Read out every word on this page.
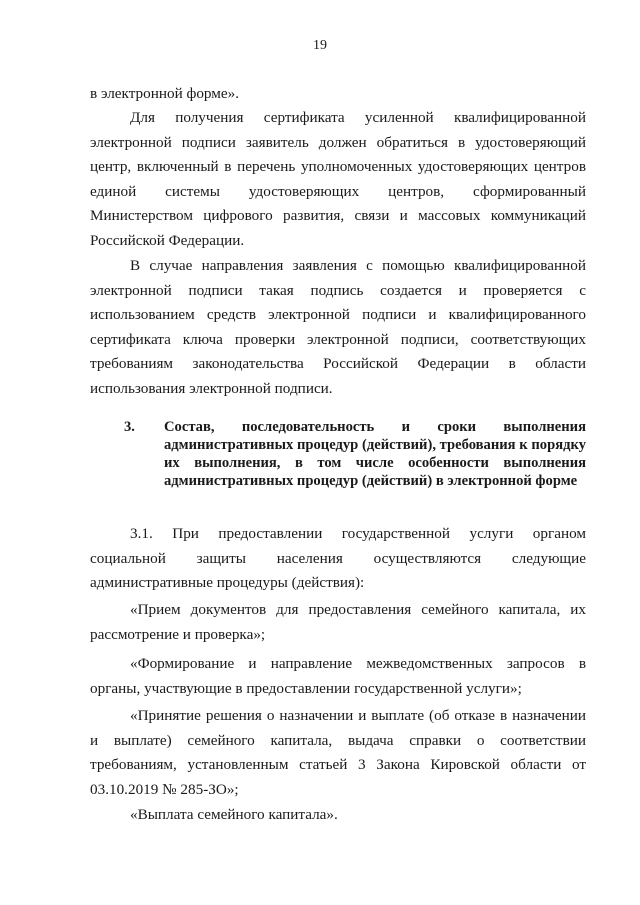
19

в электронной форме».

Для получения сертификата усиленной квалифицированной электронной подписи заявитель должен обратиться в удостоверяющий центр, включенный в перечень уполномоченных удостоверяющих центров единой системы удостоверяющих центров, сформированный Министерством цифрового развития, связи и массовых коммуникаций Российской Федерации.

В случае направления заявления с помощью квалифицированной электронной подписи такая подпись создается и проверяется с использованием средств электронной подписи и квалифицированного сертификата ключа проверки электронной подписи, соответствующих требованиям законодательства Российской Федерации в области использования электронной подписи.

3. Состав, последовательность и сроки выполнения административных процедур (действий), требования к порядку их выполнения, в том числе особенности выполнения административных процедур (действий) в электронной форме

3.1. При предоставлении государственной услуги органом социальной защиты населения осуществляются следующие административные процедуры (действия):

«Прием документов для предоставления семейного капитала, их рассмотрение и проверка»;

«Формирование и направление межведомственных запросов в органы, участвующие в предоставлении государственной услуги»;

«Принятие решения о назначении и выплате (об отказе в назначении и выплате) семейного капитала, выдача справки о соответствии требованиям, установленным статьей 3 Закона Кировской области от 03.10.2019 № 285-ЗО»;

«Выплата семейного капитала».
